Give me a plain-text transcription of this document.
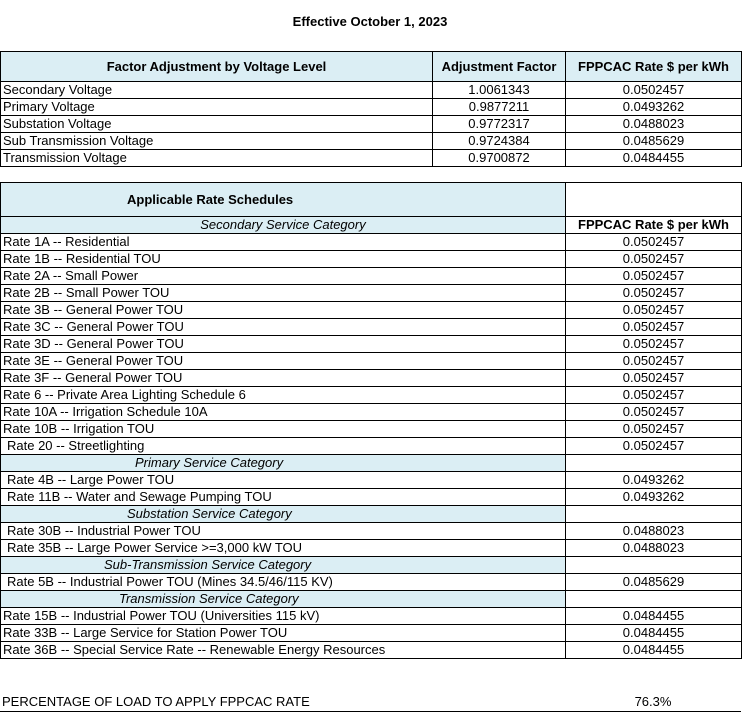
Effective October 1, 2023
Factor Adjustment by Voltage Level	Adjustment Factor	FPPCAC Rate $ per kWh
Secondary Voltage	1.0061343	0.0502457
Primary Voltage	0.9877211	0.0493262
Substation Voltage	0.9772317	0.0488023
Sub Transmission Voltage	0.9724384	0.0485629
Transmission Voltage	0.9700872	0.0484455
Applicable Rate Schedules	
Secondary Service Category	FPPCAC Rate $ per kWh
Rate 1A -- Residential	0.0502457
Rate 1B -- Residential TOU	0.0502457
Rate 2A -- Small Power	0.0502457
Rate 2B -- Small Power TOU	0.0502457
Rate 3B -- General Power TOU	0.0502457
Rate 3C -- General Power TOU	0.0502457
Rate 3D -- General Power TOU	0.0502457
Rate 3E -- General Power TOU	0.0502457
Rate 3F -- General Power TOU	0.0502457
Rate 6 -- Private Area Lighting Schedule 6	0.0502457
Rate 10A -- Irrigation Schedule 10A	0.0502457
Rate 10B -- Irrigation TOU	0.0502457
Rate 20 -- Streetlighting	0.0502457
Primary Service Category	
Rate 4B -- Large Power TOU	0.0493262
Rate 11B -- Water and Sewage Pumping TOU	0.0493262
Substation Service Category	
Rate 30B -- Industrial Power TOU	0.0488023
Rate 35B -- Large Power Service >=3,000 kW TOU	0.0488023
Sub-Transmission Service Category	
Rate 5B -- Industrial Power TOU (Mines 34.5/46/115 KV)	0.0485629
Transmission Service Category	
Rate 15B -- Industrial Power TOU (Universities 115 kV)	0.0484455
Rate 33B -- Large Service for Station Power TOU	0.0484455
Rate 36B -- Special Service Rate -- Renewable Energy Resources	0.0484455
PERCENTAGE OF LOAD TO APPLY FPPCAC RATE	76.3%
